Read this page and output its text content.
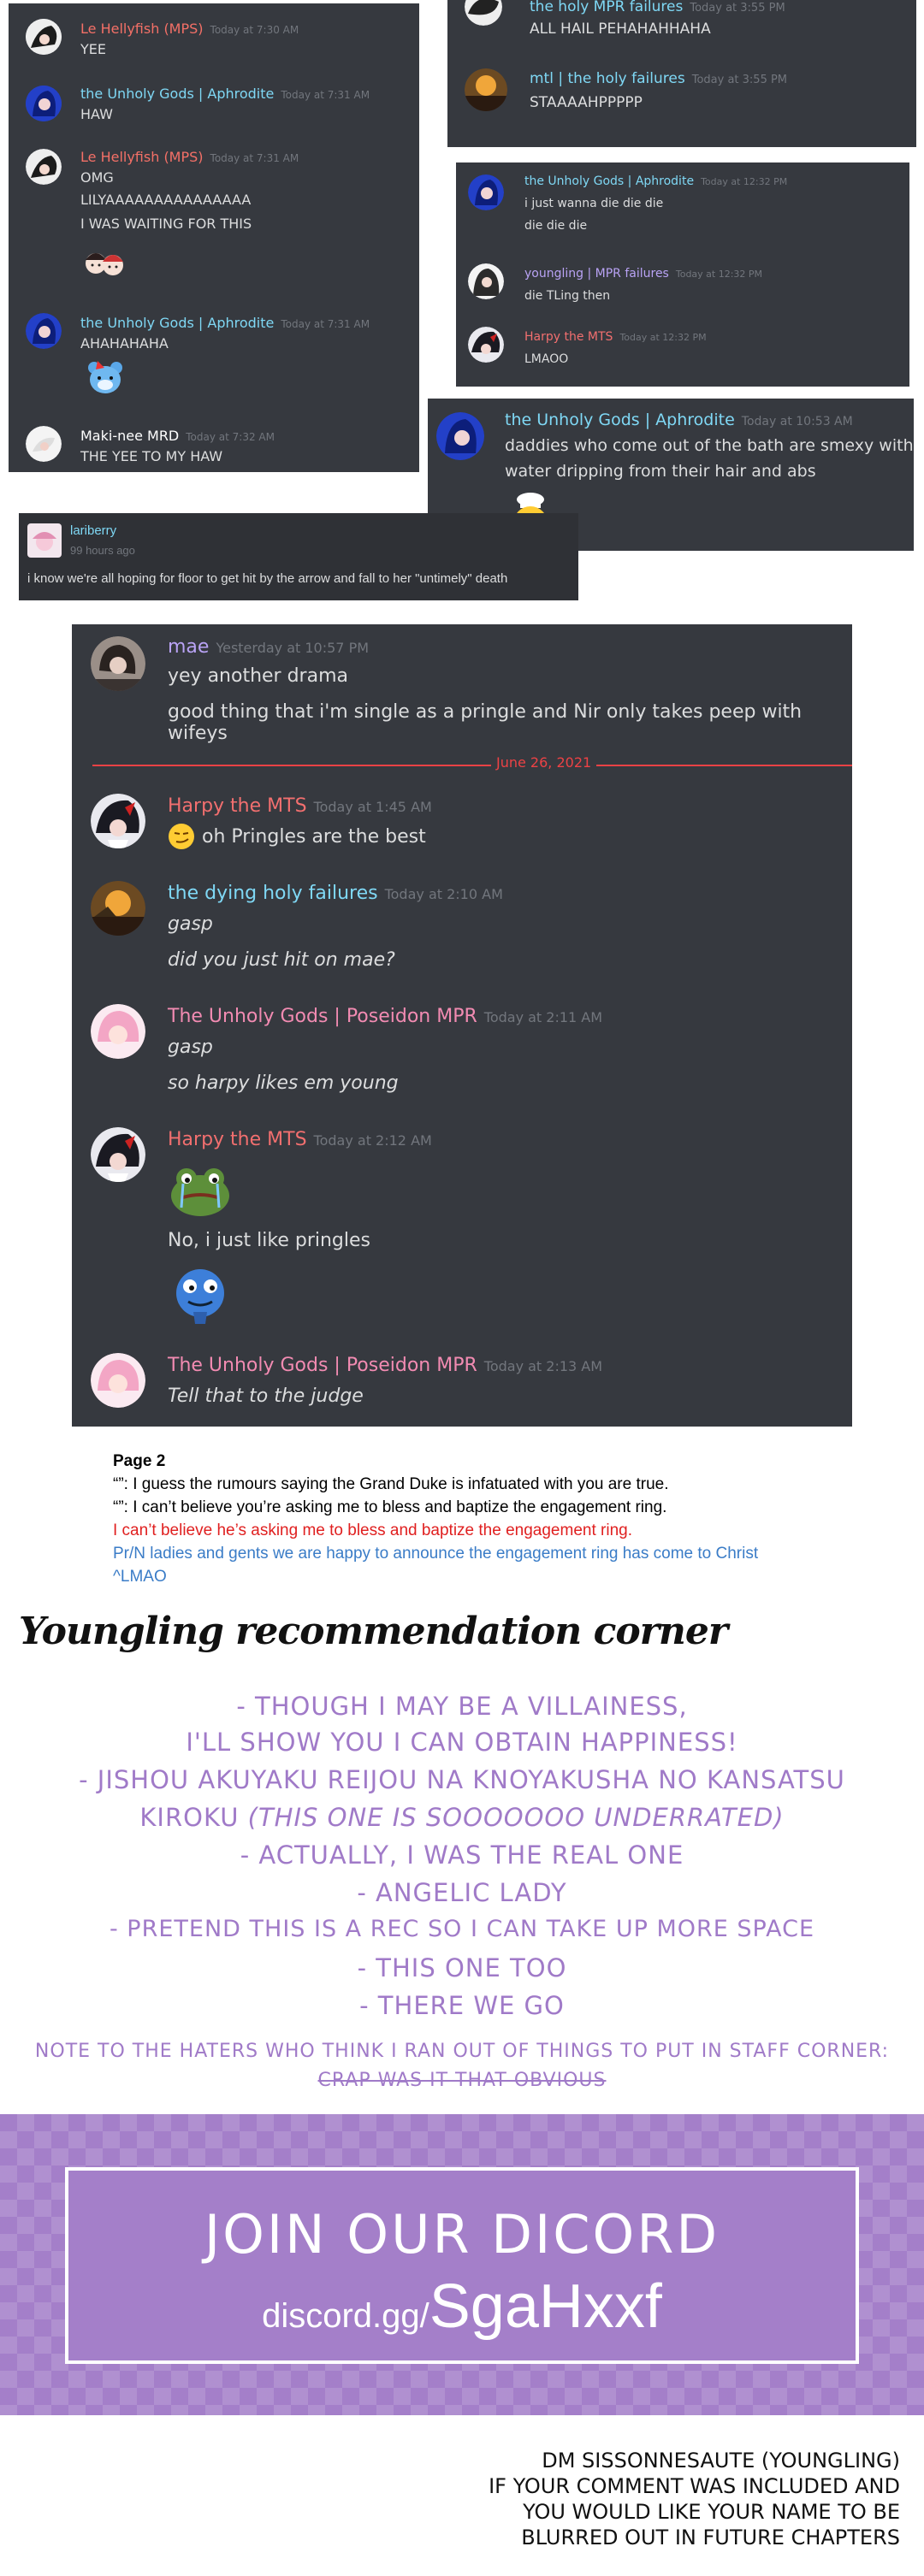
Le Hellyfish (MPS) Today at 7:30 AM
YEE
the Unholy Gods | Aphrodite Today at 7:31 AM
HAW
Le Hellyfish (MPS) Today at 7:31 AM
OMG
LILYAAAAAAAAAAAAAAA
I WAS WAITING FOR THIS
the Unholy Gods | Aphrodite Today at 7:31 AM
AHAHAHAHA
Maki-nee MRD Today at 7:32 AM
THE YEE TO MY HAW
the holy MPR failures Today at 3:55 PM
ALL HAIL PEHAHAHHAHA
mtl | the holy failures Today at 3:55 PM
STAAAAHPPPPP
the Unholy Gods | Aphrodite Today at 12:32 PM
i just wanna die die die
die die die
youngling | MPR failures Today at 12:32 PM
die TLing then
Harpy the MTS Today at 12:32 PM
LMAOO
the Unholy Gods | Aphrodite Today at 10:53 AM
daddies who come out of the bath are smexy with
water dripping from their hair and abs
lariberry
99 hours ago
i know we're all hoping for floor to get hit by the arrow and fall to her "untimely" death
mae Yesterday at 10:57 PM
yey another drama
good thing that i'm single as a pringle and Nir only takes peep with wifeys
June 26, 2021
Harpy the MTS Today at 1:45 AM
oh Pringles are the best
the dying holy failures Today at 2:10 AM
gasp
did you just hit on mae?
The Unholy Gods | Poseidon MPR Today at 2:11 AM
gasp
so harpy likes em young
Harpy the MTS Today at 2:12 AM
No, i just like pringles
The Unholy Gods | Poseidon MPR Today at 2:13 AM
Tell that to the judge
Page 2
“”: I guess the rumours saying the Grand Duke is infatuated with you are true.
“”: I can’t believe you’re asking me to bless and baptize the engagement ring.
I can’t believe he’s asking me to bless and baptize the engagement ring.
Pr/N ladies and gents we are happy to announce the engagement ring has come to Christ
^LMAO
Youngling recommendation corner
- THOUGH I MAY BE A VILLAINESS,
I'LL SHOW YOU I CAN OBTAIN HAPPINESS!
- JISHOU AKUYAKU REIJOU NA KNOYAKUSHA NO KANSATSU
KIROKU (THIS ONE IS SOOOOOOO UNDERRATED)
- ACTUALLY, I WAS THE REAL ONE
- ANGELIC LADY
- PRETEND THIS IS A REC SO I CAN TAKE UP MORE SPACE
- THIS ONE TOO
- THERE WE GO
NOTE TO THE HATERS WHO THINK I RAN OUT OF THINGS TO PUT IN STAFF CORNER:
CRAP WAS IT THAT OBVIOUS
JOIN OUR DICORD
discord.gg/SgaHxxf
DM SISSONNESAUTE (YOUNGLING)
IF YOUR COMMENT WAS INCLUDED AND
YOU WOULD LIKE YOUR NAME TO BE
BLURRED OUT IN FUTURE CHAPTERS
